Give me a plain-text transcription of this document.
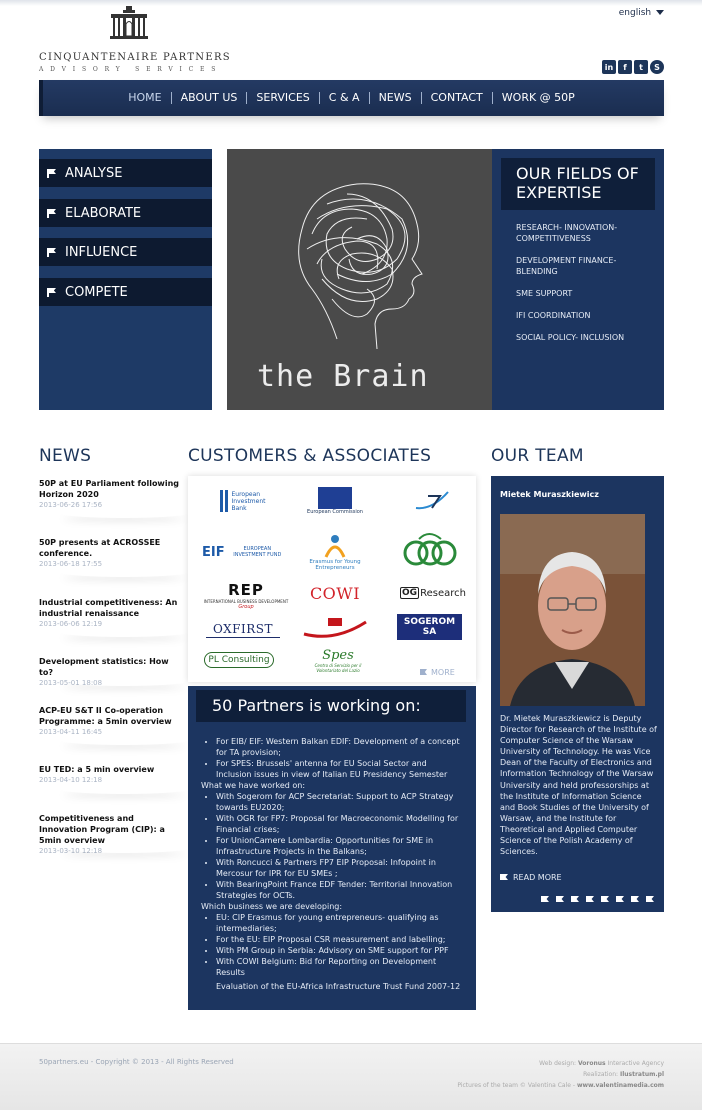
CINQUANTENAIRE PARTNERS
ADVISORY SERVICES
english
in	f	t	S
HOME	ABOUT US	SERVICES	C & A	NEWS	CONTACT	WORK @ 50P
ANALYSE
ELABORATE
INFLUENCE
COMPETE
the Brain
OUR FIELDS OF EXPERTISE
RESEARCH- INNOVATION-COMPETITIVENESS
DEVELOPMENT FINANCE-BLENDING
SME SUPPORT
IFI COORDINATION
SOCIAL POLICY- INCLUSION
NEWS	CUSTOMERS & ASSOCIATES	OUR TEAM
50P at EU Parliament following Horizon 2020
2013-06-26 17:56
50P presents at ACROSSEE conference.
2013-06-18 17:55
Industrial competitiveness: An industrial renaissance
2013-06-06 12:19
Development statistics: How to?
2013-05-01 18:08
ACP-EU S&T II Co-operation Programme: a 5min overview
2013-04-11 16:45
EU TED: a 5 min overview
2013-04-10 12:18
Competitiveness and Innovation Program (CIP): a 5min overview
2013-03-10 12:18
European Investment Bank
European Commission
EIF	EUROPEAN INVESTMENT FUND
Erasmus for Young Entrepreneurs
REP
INTERNATIONAL BUSINESS DEVELOPMENT
Group
COWI	OG Research
OXFIRST	SOGEROM SA
PL Consulting	Spes
Centro di Servizio per il Volontariato del Lazio	MORE
50 Partners is working on:
• For EIB/ EIF: Western Balkan EDIF: Development of a concept for TA provision;
• For SPES: Brussels' antenna for EU Social Sector and Inclusion issues in view of Italian EU Presidency Semester
What we have worked on:
• With Sogerom for ACP Secretariat: Support to ACP Strategy towards EU2020;
• With OGR for FP7: Proposal for Macroeconomic Modelling for Financial crises;
• For UnionCamere Lombardia: Opportunities for SME in Infrastructure Projects in the Balkans;
• With Roncucci & Partners FP7 EIP Proposal: Infopoint in Mercosur for IPR for EU SMEs ;
• With BearingPoint France EDF Tender: Territorial Innovation Strategies for OCTs.
Which business we are developing:
• EU: CIP Erasmus for young entrepreneurs- qualifying as intermediaries;
• For the EU: EIP Proposal CSR measurement and labelling;
• With PM Group in Serbia: Advisory on SME support for PPF
• With COWI Belgium: Bid for Reporting on Development Results
Evaluation of the EU-Africa Infrastructure Trust Fund 2007-12
Mietek Muraszkiewicz
Dr. Mietek Muraszkiewicz is Deputy Director for Research of the Institute of Computer Science of the Warsaw University of Technology. He was Vice Dean of the Faculty of Electronics and Information Technology of the Warsaw University and held professorships at the Institute of Information Science and Book Studies of the University of Warsaw, and the Institute for Theoretical and Applied Computer Science of the Polish Academy of Sciences.
READ MORE
50partners.eu - Copyright © 2013 - All Rights Reserved	Web design: Voronus Interactive Agency
Realization: Ilustratum.pl
Pictures of the team © Valentina Cale - www.valentinamedia.com
